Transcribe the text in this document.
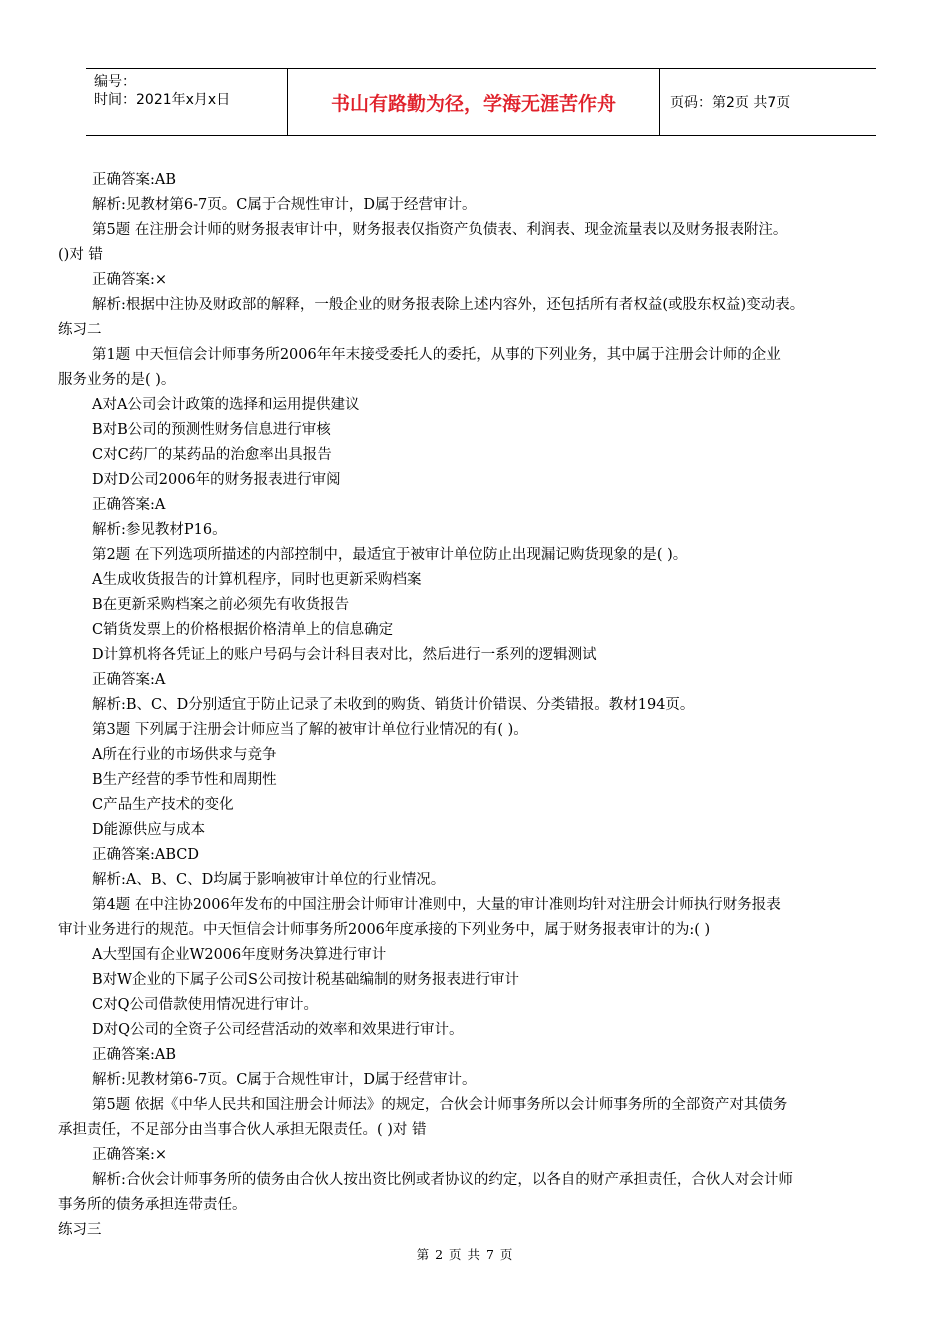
编号：
时间：2021年x月x日	书山有路勤为径，学海无涯苦作舟	页码：第2页 共7页

正确答案:AB

解析:见教材第6-7页。C属于合规性审计，D属于经营审计。

第5题 在注册会计师的财务报表审计中，财务报表仅指资产负债表、利润表、现金流量表以及财务报表附注。

()对 错

正确答案:×

解析:根据中注协及财政部的解释，一般企业的财务报表除上述内容外，还包括所有者权益(或股东权益)变动表。

练习二

第1题 中天恒信会计师事务所2006年年末接受委托人的委托，从事的下列业务，其中属于注册会计师的企业

服务业务的是( )。

A对A公司会计政策的选择和运用提供建议

B对B公司的预测性财务信息进行审核

C对C药厂的某药品的治愈率出具报告

D对D公司2006年的财务报表进行审阅

正确答案:A

解析:参见教材P16。

第2题 在下列选项所描述的内部控制中，最适宜于被审计单位防止出现漏记购货现象的是( )。

A生成收货报告的计算机程序，同时也更新采购档案

B在更新采购档案之前必须先有收货报告

C销货发票上的价格根据价格清单上的信息确定

D计算机将各凭证上的账户号码与会计科目表对比，然后进行一系列的逻辑测试

正确答案:A

解析:B、C、D分别适宜于防止记录了未收到的购货、销货计价错误、分类错报。教材194页。

第3题 下列属于注册会计师应当了解的被审计单位行业情况的有( )。

A所在行业的市场供求与竞争

B生产经营的季节性和周期性

C产品生产技术的变化

D能源供应与成本

正确答案:ABCD

解析:A、B、C、D均属于影响被审计单位的行业情况。

第4题 在中注协2006年发布的中国注册会计师审计准则中，大量的审计准则均针对注册会计师执行财务报表

审计业务进行的规范。中天恒信会计师事务所2006年度承接的下列业务中，属于财务报表审计的为:( )

A大型国有企业W2006年度财务决算进行审计

B对W企业的下属子公司S公司按计税基础编制的财务报表进行审计

C对Q公司借款使用情况进行审计。

D对Q公司的全资子公司经营活动的效率和效果进行审计。

正确答案:AB

解析:见教材第6-7页。C属于合规性审计，D属于经营审计。

第5题 依据《中华人民共和国注册会计师法》的规定，合伙会计师事务所以会计师事务所的全部资产对其债务

承担责任，不足部分由当事合伙人承担无限责任。( )对 错

正确答案:×

解析:合伙会计师事务所的债务由合伙人按出资比例或者协议的约定，以各自的财产承担责任，合伙人对会计师

事务所的债务承担连带责任。

练习三

第 2 页 共 7 页
